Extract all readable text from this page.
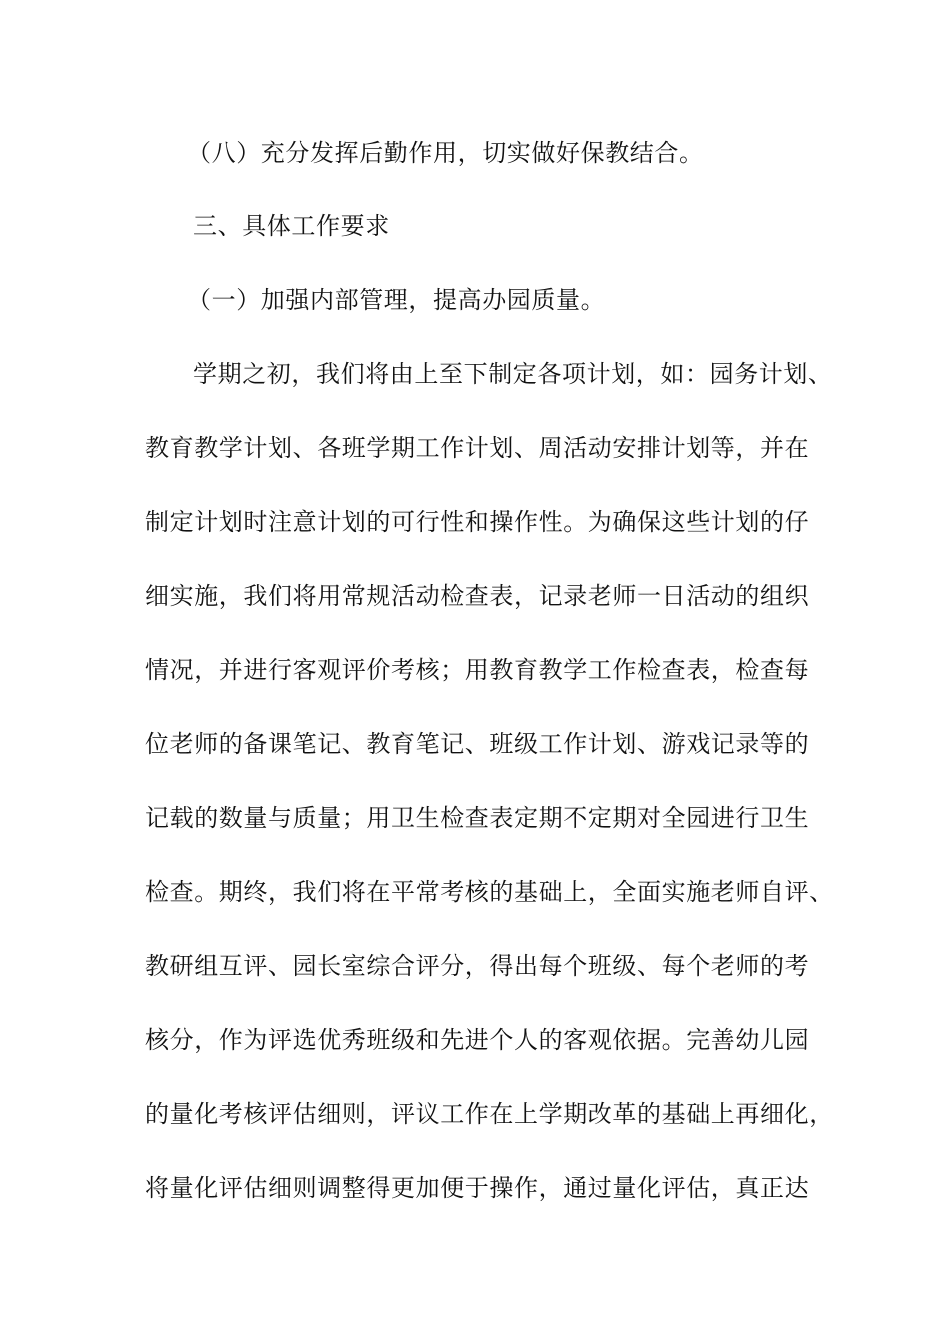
（八）充分发挥后勤作用，切实做好保教结合。
三、具体工作要求
（一）加强内部管理，提高办园质量。
学期之初，我们将由上至下制定各项计划，如：园务计划、
教育教学计划、各班学期工作计划、周活动安排计划等，并在
制定计划时注意计划的可行性和操作性。为确保这些计划的仔
细实施，我们将用常规活动检查表，记录老师一日活动的组织
情况，并进行客观评价考核；用教育教学工作检查表，检查每
位老师的备课笔记、教育笔记、班级工作计划、游戏记录等的
记载的数量与质量；用卫生检查表定期不定期对全园进行卫生
检查。期终，我们将在平常考核的基础上，全面实施老师自评、
教研组互评、园长室综合评分，得出每个班级、每个老师的考
核分，作为评选优秀班级和先进个人的客观依据。完善幼儿园
的量化考核评估细则，评议工作在上学期改革的基础上再细化，
将量化评估细则调整得更加便于操作，通过量化评估，真正达
